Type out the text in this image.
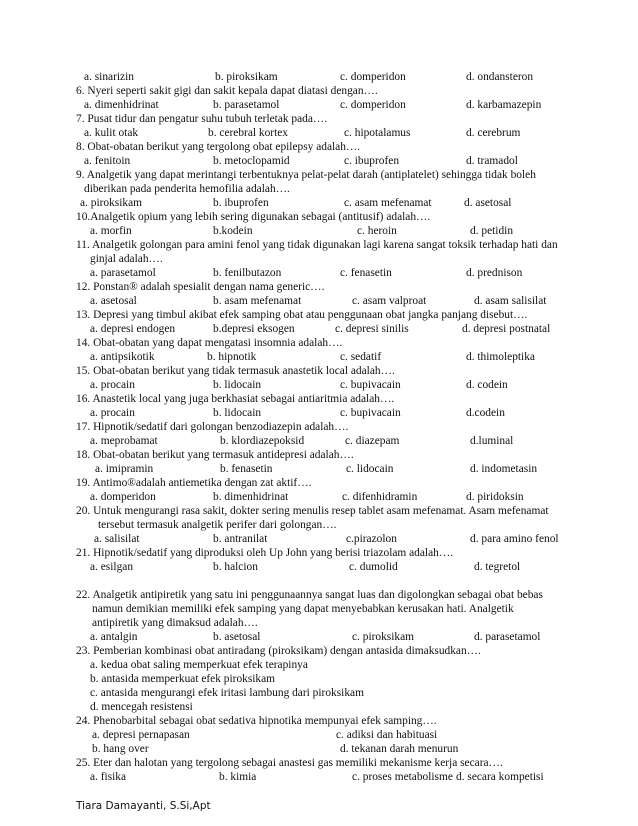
a. sinarizin	b. piroksikam	c. domperidon	d. ondansteron
6. Nyeri seperti sakit gigi dan sakit kepala dapat diatasi dengan….
a. dimenhidrinat	b. parasetamol	c. domperidon	d. karbamazepin
7. Pusat tidur dan pengatur suhu tubuh terletak pada….
a. kulit otak	b. cerebral kortex	c. hipotalamus	d. cerebrum
8. Obat-obatan berikut yang tergolong obat epilepsy adalah….
a. fenitoin	b. metoclopamid	c. ibuprofen	d. tramadol
9. Analgetik yang dapat merintangi terbentuknya pelat-pelat darah (antiplatelet) sehingga tidak boleh
diberikan pada penderita hemofilia adalah….
a. piroksikam	b. ibuprofen	c. asam mefenamat	d. asetosal
10.Analgetik opium yang lebih sering digunakan sebagai (antitusif) adalah….
a. morfin	b.kodein	c. heroin	d. petidin
11. Analgetik golongan para amini fenol yang tidak digunakan lagi karena sangat toksik terhadap hati dan
ginjal adalah….
a. parasetamol	b. fenilbutazon	c. fenasetin	d. prednison
12. Ponstan® adalah spesialit dengan nama generic….
a. asetosal	b. asam mefenamat	c. asam valproat	d. asam salisilat
13. Depresi yang timbul akibat efek samping obat atau penggunaan obat jangka panjang disebut….
a. depresi endogen	b.depresi eksogen	c. depresi sinilis	d. depresi postnatal
14. Obat-obatan yang dapat mengatasi insomnia adalah….
a. antipsikotik	b. hipnotik	c. sedatif	d. thimoleptika
15. Obat-obatan berikut yang tidak termasuk anastetik local adalah….
a. procain	b. lidocain	c. bupivacain	d. codein
16. Anastetik local yang juga berkhasiat sebagai antiaritmia adalah….
a. procain	b. lidocain	c. bupivacain	d.codein
17. Hipnotik/sedatif dari golongan benzodiazepin adalah….
a. meprobamat	b. klordiazepoksid	c. diazepam	d.luminal
18. Obat-obatan berikut yang termasuk antidepresi adalah….
a. imipramin	b. fenasetin	c. lidocain	d. indometasin
19. Antimo®adalah antiemetika dengan zat aktif….
a. domperidon	b. dimenhidrinat	c. difenhidramin	d. piridoksin
20. Untuk mengurangi rasa sakit, dokter sering menulis resep tablet asam mefenamat. Asam mefenamat
tersebut termasuk analgetik perifer dari golongan….
a. salisilat	b. antranilat	c.pirazolon	d. para amino fenol
21. Hipnotik/sedatif yang diproduksi oleh Up John yang berisi triazolam adalah….
a. esilgan	b. halcion	c. dumolid	d. tegretol
22. Analgetik antipiretik yang satu ini penggunaannya sangat luas dan digolongkan sebagai obat bebas
namun demikian memiliki efek samping yang dapat menyebabkan kerusakan hati. Analgetik
antipiretik yang dimaksud adalah….
a. antalgin	b. asetosal	c. piroksikam	d. parasetamol
23. Pemberian kombinasi obat antiradang (piroksikam) dengan antasida dimaksudkan….
a. kedua obat saling memperkuat efek terapinya
b. antasida memperkuat efek piroksikam
c. antasida mengurangi efek iritasi lambung dari piroksikam
d. mencegah resistensi
24. Phenobarbital sebagai obat sedativa hipnotika mempunyai efek samping….
a. depresi pernapasan	c. adiksi dan habituasi
b. hang over	d. tekanan darah menurun
25. Eter dan halotan yang tergolong sebagai anastesi gas memiliki mekanisme kerja secara….
a. fisika	b. kimia	c. proses metabolisme d. secara kompetisi
Tiara Damayanti, S.Si,Apt
